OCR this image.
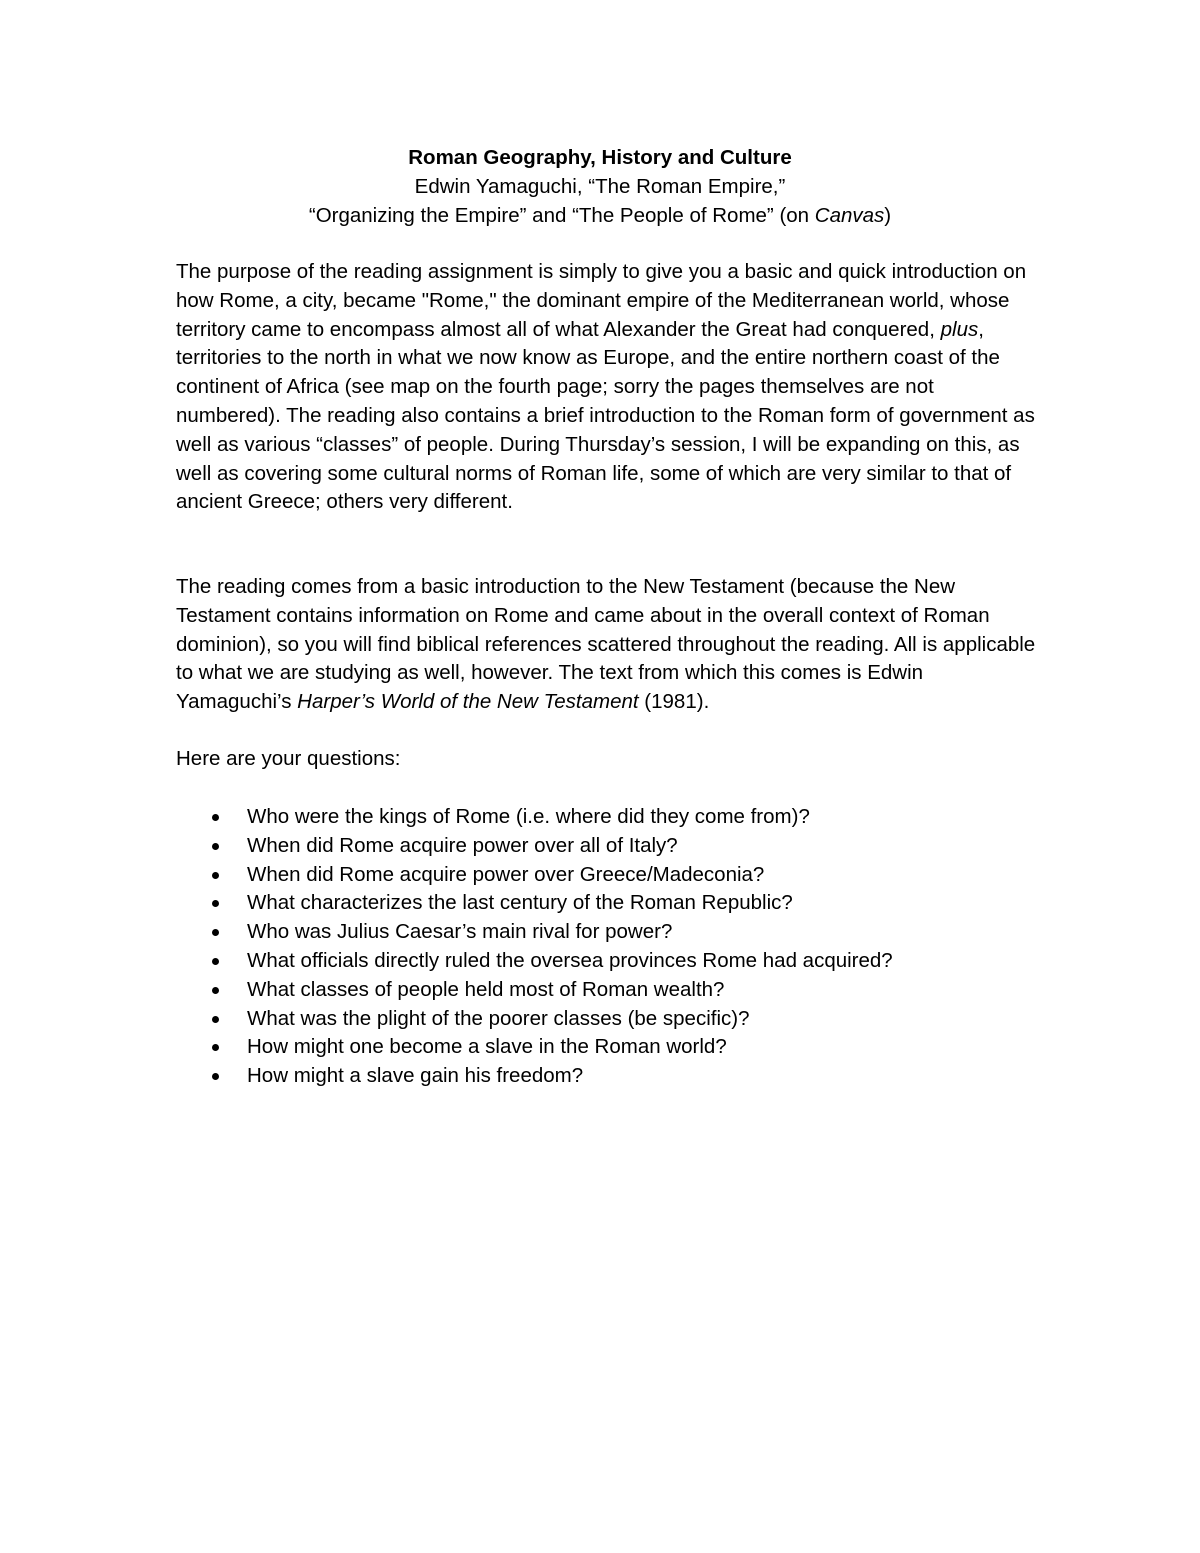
Roman Geography, History and Culture
Edwin Yamaguchi, “The Roman Empire,”
“Organizing the Empire” and “The People of Rome” (on Canvas)

The purpose of the reading assignment is simply to give you a basic and quick introduction on how Rome, a city, became "Rome," the dominant empire of the Mediterranean world, whose territory came to encompass almost all of what Alexander the Great had conquered, plus, territories to the north in what we now know as Europe, and the entire northern coast of the continent of Africa (see map on the fourth page; sorry the pages themselves are not numbered). The reading also contains a brief introduction to the Roman form of government as well as various “classes” of people. During Thursday’s session, I will be expanding on this, as well as covering some cultural norms of Roman life, some of which are very similar to that of ancient Greece; others very different.

The reading comes from a basic introduction to the New Testament (because the New Testament contains information on Rome and came about in the overall context of Roman dominion), so you will find biblical references scattered throughout the reading. All is applicable to what we are studying as well, however. The text from which this comes is Edwin Yamaguchi’s Harper’s World of the New Testament (1981).

Here are your questions:

Who were the kings of Rome (i.e. where did they come from)?
When did Rome acquire power over all of Italy?
When did Rome acquire power over Greece/Madeconia?
What characterizes the last century of the Roman Republic?
Who was Julius Caesar’s main rival for power?
What officials directly ruled the oversea provinces Rome had acquired?
What classes of people held most of Roman wealth?
What was the plight of the poorer classes (be specific)?
How might one become a slave in the Roman world?
How might a slave gain his freedom?
